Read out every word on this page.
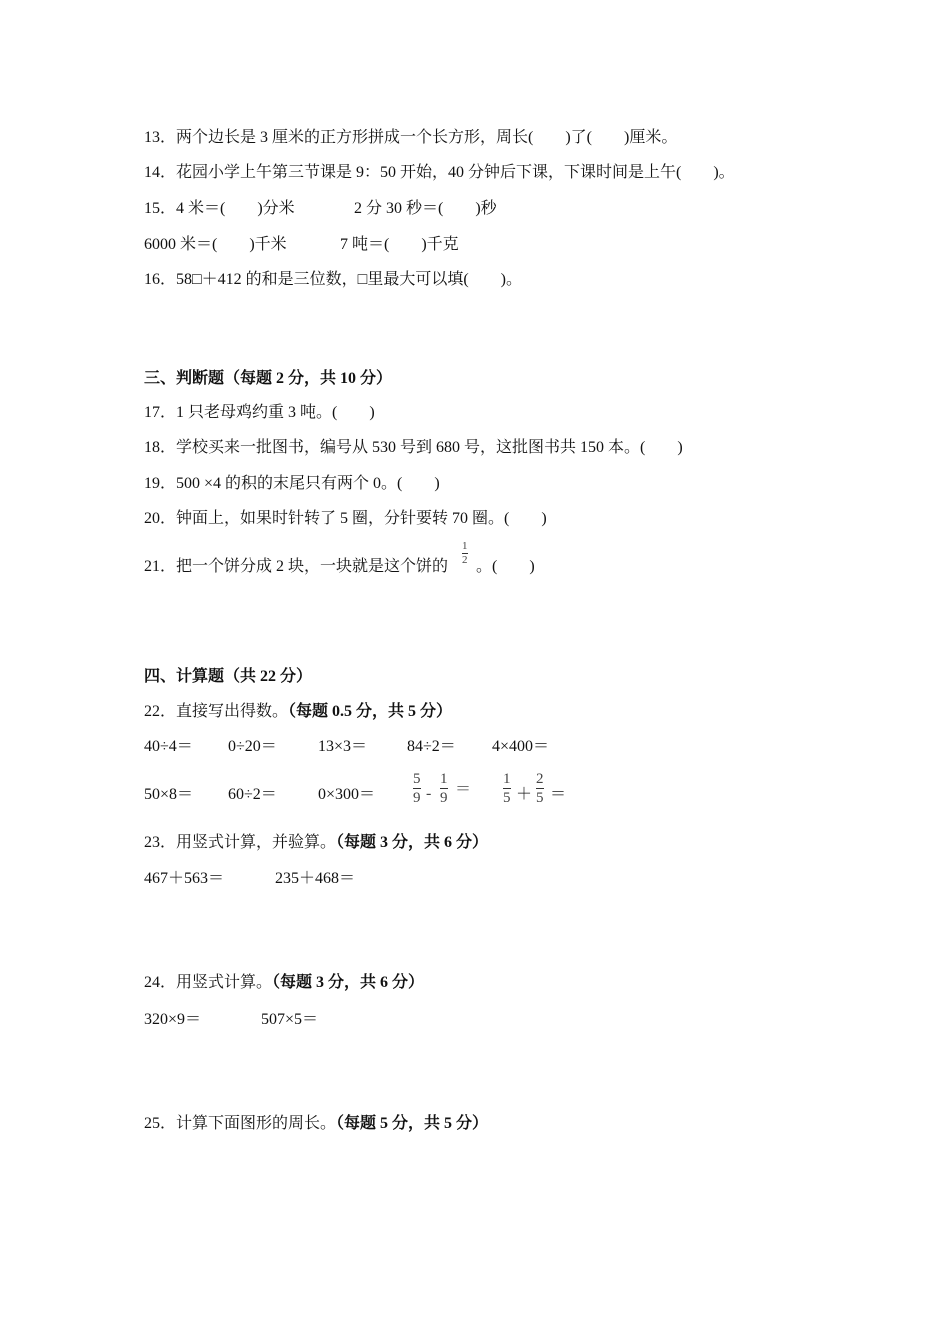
13．两个边长是 3 厘米的正方形拼成一个长方形，周长(　　)了(　　)厘米。
14．花园小学上午第三节课是 9：50 开始，40 分钟后下课，下课时间是上午(　　)。
15．4 米＝(　　)分米	2 分 30 秒＝(　　)秒
6000 米＝(　　)千米	7 吨＝(　　)千克
16．58□＋412 的和是三位数，□里最大可以填(　　)。
三、判断题（每题 2 分，共 10 分）
17．1 只老母鸡约重 3 吨。(　　)
18．学校买来一批图书，编号从 530 号到 680 号，这批图书共 150 本。(　　)
19．500 ×4 的积的末尾只有两个 0。(　　)
20．钟面上，如果时针转了 5 圈，分针要转 70 圈。(　　)
21．把一个饼分成 2 块，一块就是这个饼的
1
2 。(　　)
四、计算题（共 22 分）
22．直接写出得数。（每题 0.5 分，共 5 分）
40÷4＝ 0÷20＝	13×3＝ 84÷2＝ 4×400＝
50×8＝ 60÷2＝	0×300＝
5
9 -
1
9 ＝
1
5 ＋
2
5 ＝
23．用竖式计算，并验算。（每题 3 分，共 6 分）
467＋563＝	235＋468＝
24．用竖式计算。（每题 3 分，共 6 分）
320×9＝	507×5＝
25．计算下面图形的周长。（每题 5 分，共 5 分）
